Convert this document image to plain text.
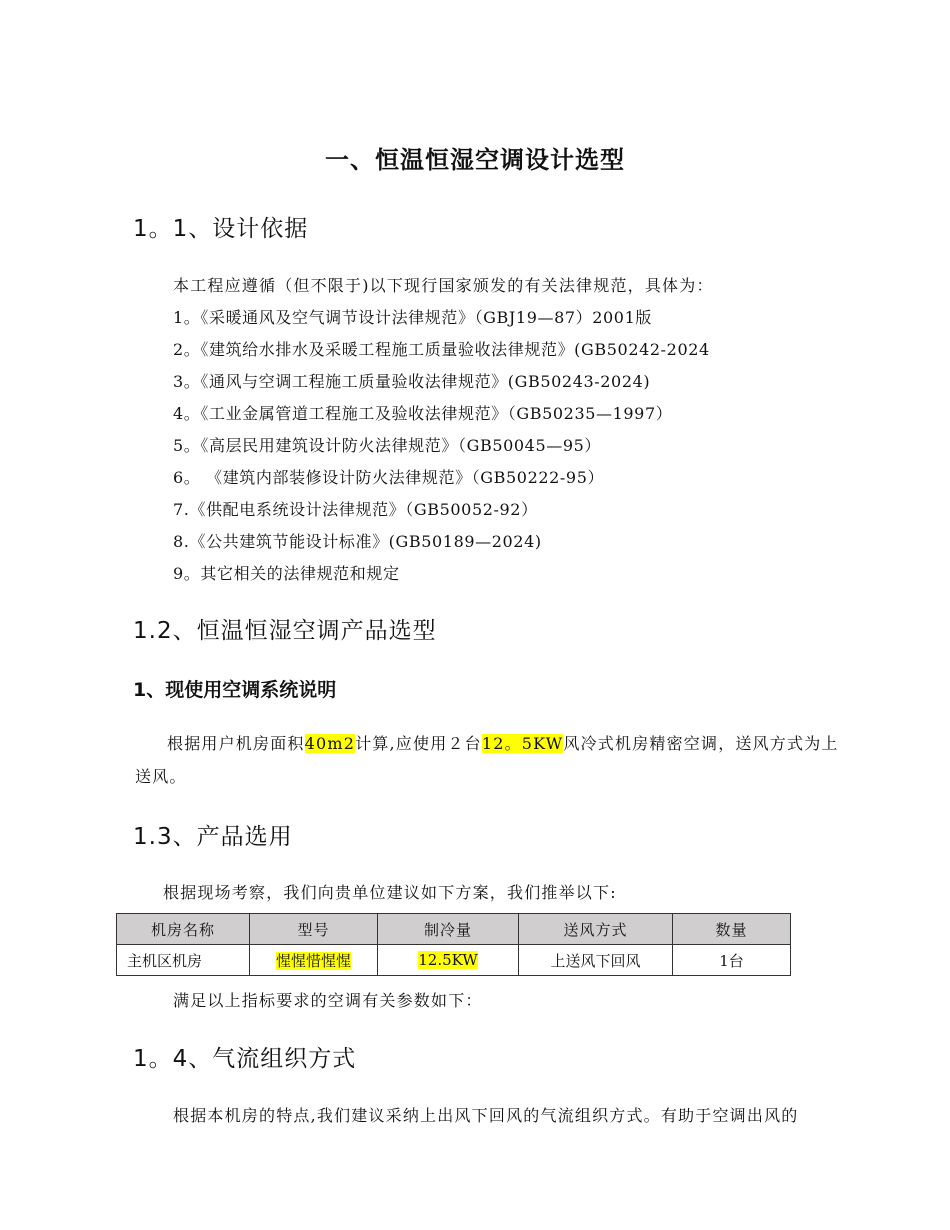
一、恒温恒湿空调设计选型
1。1、设计依据
本工程应遵循（但不限于)以下现行国家颁发的有关法律规范，具体为：
1。《采暖通风及空气调节设计法律规范》（GBJ19—87）2001版
2。《建筑给水排水及采暖工程施工质量验收法律规范》(GB50242-2024
3。《通风与空调工程施工质量验收法律规范》(GB50243-2024)
4。《工业金属管道工程施工及验收法律规范》（GB50235—1997）
5。《高层民用建筑设计防火法律规范》（GB50045—95）
6。 《建筑内部装修设计防火法律规范》（GB50222-95）
7.《供配电系统设计法律规范》（GB50052-92）
8.《公共建筑节能设计标准》(GB50189—2024)
9。其它相关的法律规范和规定
1.2、恒温恒湿空调产品选型
1、现使用空调系统说明
根据用户机房面积40m2计算,应使用２台12。5KW风冷式机房精密空调，送风方式为上送风。
1.3、产品选用
根据现场考察，我们向贵单位建议如下方案，我们推举以下:
机房名称	型号	制冷量	送风方式	数量
主机区机房	惺惺惜惺惺	12.5KW	上送风下回风	1台
满足以上指标要求的空调有关参数如下：
1。4、气流组织方式
根据本机房的特点,我们建议采纳上出风下回风的气流组织方式。有助于空调出风的
